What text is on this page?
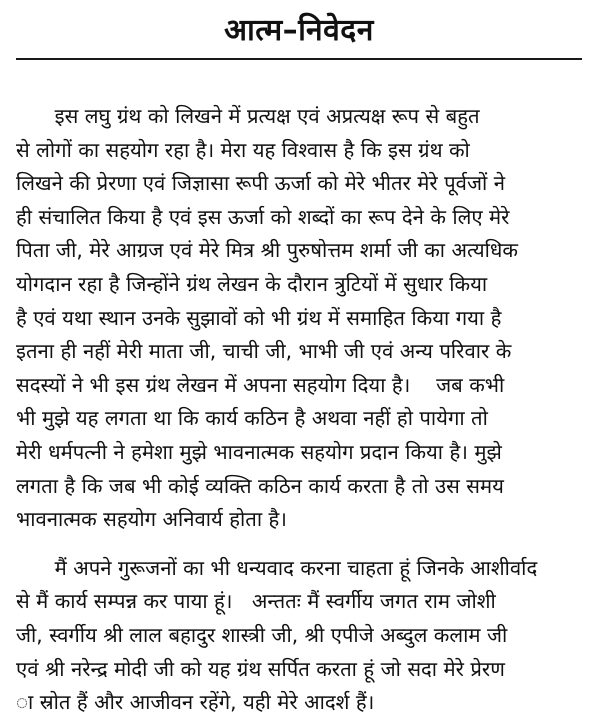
आत्म–निवेदन

इस लघु ग्रंथ को लिखने में प्रत्यक्ष एवं अप्रत्यक्ष रूप से बहुत
से लोगों का सहयोग रहा है। मेरा यह विश्वास है कि इस ग्रंथ को
लिखने की प्रेरणा एवं जिज्ञासा रूपी ऊर्जा को मेरे भीतर मेरे पूर्वजों ने
ही संचालित किया है एवं इस ऊर्जा को शब्दों का रूप देने के लिए मेरे
पिता जी, मेरे आग्रज एवं मेरे मित्र श्री पुरुषोत्तम शर्मा जी का अत्यधिक
योगदान रहा है जिन्होंने ग्रंथ लेखन के दौरान त्रुटियों में सुधार किया
है एवं यथा स्थान उनके सुझावों को भी ग्रंथ में समाहित किया गया है
इतना ही नहीं मेरी माता जी, चाची जी, भाभी जी एवं अन्य परिवार के
सदस्यों ने भी इस ग्रंथ लेखन में अपना सहयोग दिया है।    जब कभी
भी मुझे यह लगता था कि कार्य कठिन है अथवा नहीं हो पायेगा तो
मेरी धर्मपत्नी ने हमेशा मुझे भावनात्मक सहयोग प्रदान किया है। मुझे
लगता है कि जब भी कोई व्यक्ति कठिन कार्य करता है तो उस समय
भावनात्मक सहयोग अनिवार्य होता है।

मैं अपने गुरूजनों का भी धन्यवाद करना चाहता हूं जिनके आशीर्वाद
से मैं कार्य सम्पन्न कर पाया हूं।   अन्ततः मैं स्वर्गीय जगत राम जोशी
जी, स्वर्गीय श्री लाल बहादुर शास्त्री जी, श्री एपीजे अब्दुल कलाम जी
एवं श्री नरेन्द्र मोदी जी को यह ग्रंथ सर्पित करता हूं जो सदा मेरे प्रेरण
ा स्रोत हैं और आजीवन रहेंगे, यही मेरे आदर्श हैं।
